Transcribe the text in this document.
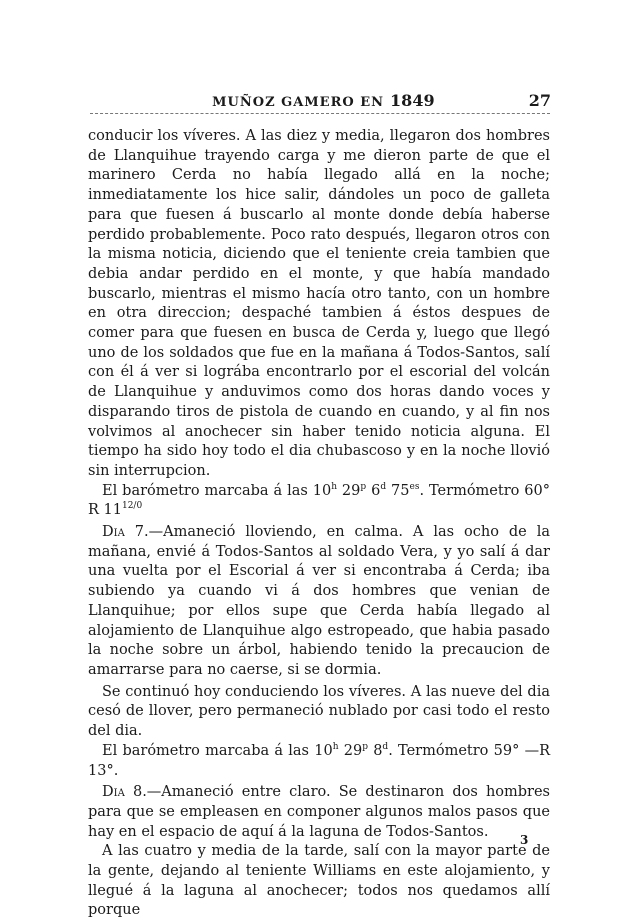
MUÑOZ GAMERO EN 1849	27

conducir los víveres. A las diez y media, llegaron dos hombres de Llanquihue trayendo carga y me dieron parte de que el marinero Cerda no había llegado allá en la noche; inmediatamente los hice salir, dándoles un poco de galleta para que fuesen á buscarlo al monte donde debía haberse perdido probablemente. Poco rato después, llegaron otros con la misma noticia, diciendo que el teniente creia tambien que debia andar perdido en el monte, y que había mandado buscarlo, mientras el mismo hacía otro tanto, con un hombre en otra direccion; despaché tambien á éstos despues de comer para que fuesen en busca de Cerda y, luego que llegó uno de los soldados que fue en la mañana á Todos-Santos, salí con él á ver si lográba encontrarlo por el escorial del volcán de Llanquihue y anduvimos como dos horas dando voces y disparando tiros de pistola de cuando en cuando, y al fin nos volvimos al anochecer sin haber tenido noticia alguna. El tiempo ha sido hoy todo el dia chubascoso y en la noche llovió sin interrupcion.

El barómetro marcaba á las 10$^h$ 29$^p$ 6$^d$ $75^{es}$. Termómetro 60° R $11^{12/0}$

Dia 7.—Amaneció lloviendo, en calma. A las ocho de la mañana, envié á Todos-Santos al soldado Vera, y yo salí á dar una vuelta por el Escorial á ver si encontraba á Cerda; iba subiendo ya cuando vi á dos hombres que venian de Llanquihue; por ellos supe que Cerda había llegado al alojamiento de Llanquihue algo estropeado, que habia pasado la noche sobre un árbol, habiendo tenido la precaucion de amarrarse para no caerse, si se dormia.

Se continuó hoy conduciendo los víveres. A las nueve del dia cesó de llover, pero permaneció nublado por casi todo el resto del dia.

El barómetro marcaba á las 10$^h$ 29$^p$ 8$^d$. Termómetro 59° —R 13°.

Dia 8.—Amaneció entre claro. Se destinaron dos hombres para que se empleasen en componer algunos malos pasos que hay en el espacio de aquí á la laguna de Todos-Santos.

A las cuatro y media de la tarde, salí con la mayor parte de la gente, dejando al teniente Williams en este alojamiento, y llegué á la laguna al anochecer; todos nos quedamos allí porque

3
